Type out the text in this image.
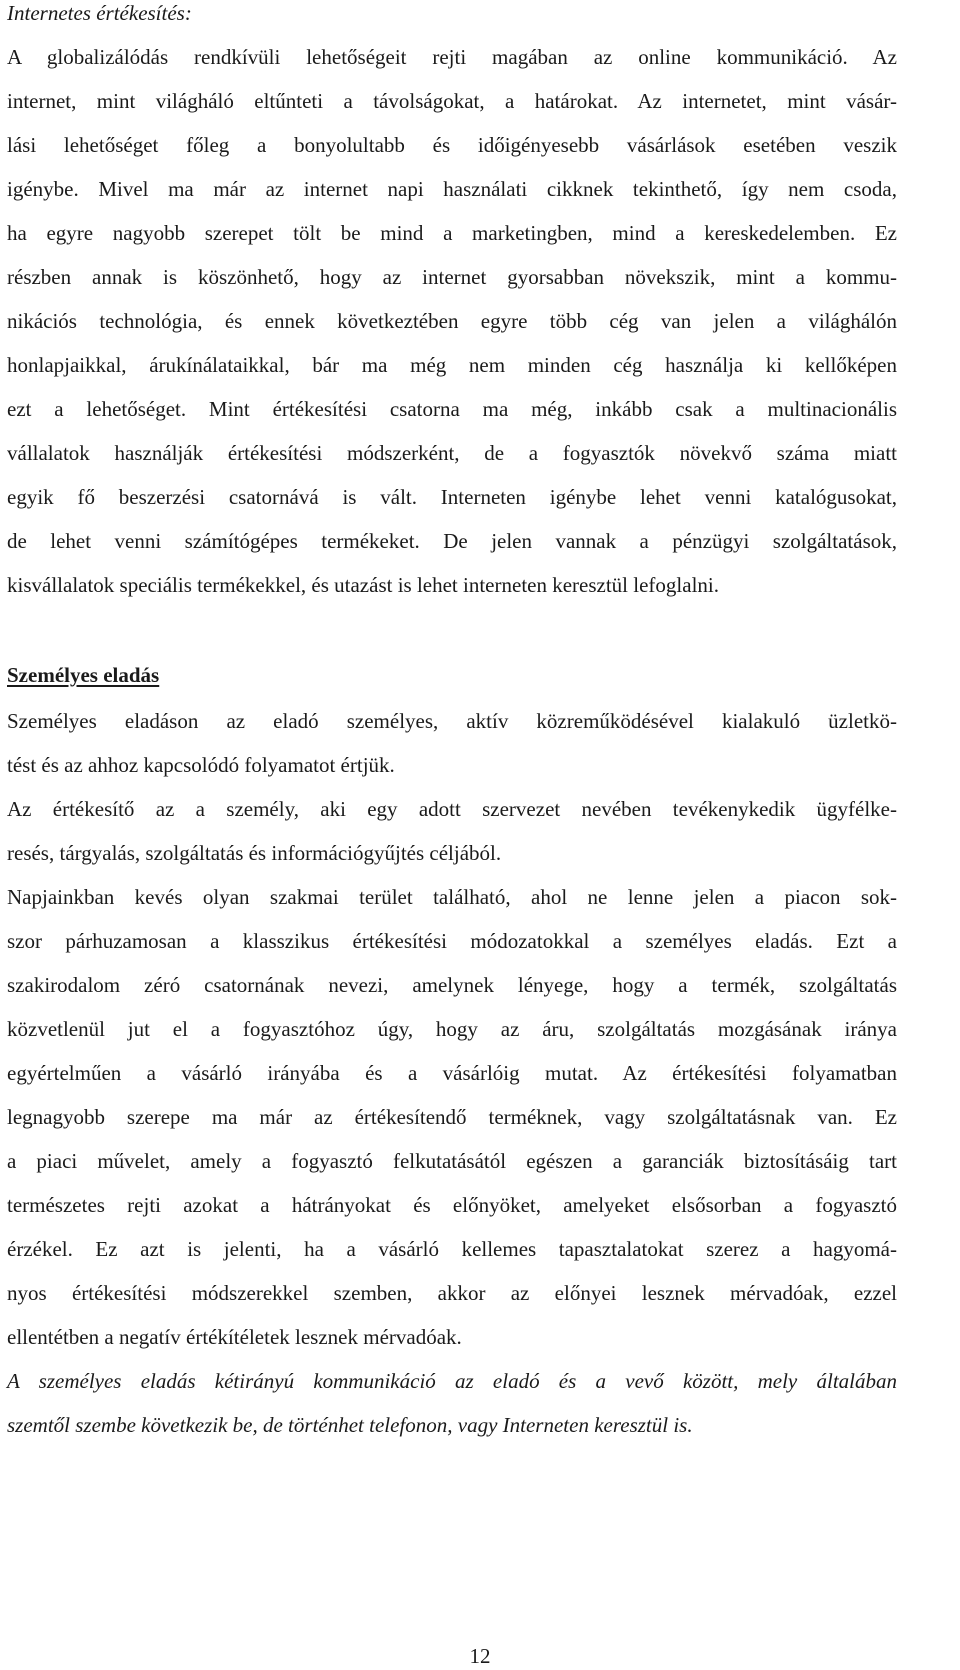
Internetes értékesítés:
A globalizálódás rendkívüli lehetőségeit rejti magában az online kommunikáció. Az
internet, mint világháló eltűnteti a távolságokat, a határokat. Az internetet, mint vásár-
lási lehetőséget főleg a bonyolultabb és időigényesebb vásárlások esetében veszik
igénybe. Mivel ma már az internet napi használati cikknek tekinthető, így nem csoda,
ha egyre nagyobb szerepet tölt be mind a marketingben, mind a kereskedelemben. Ez
részben annak is köszönhető, hogy az internet gyorsabban növekszik, mint a kommu-
nikációs technológia, és ennek következtében egyre több cég van jelen a világhálón
honlapjaikkal, árukínálataikkal, bár ma még nem minden cég használja ki kellőképen
ezt a lehetőséget. Mint értékesítési csatorna ma még, inkább csak a multinacionális
vállalatok használják értékesítési módszerként, de a fogyasztók növekvő száma miatt
egyik fő beszerzési csatornává is vált. Interneten igénybe lehet venni katalógusokat,
de lehet venni számítógépes termékeket. De jelen vannak a pénzügyi szolgáltatások,
kisvállalatok speciális termékekkel, és utazást is lehet interneten keresztül lefoglalni.
Személyes eladás
Személyes eladáson az eladó személyes, aktív közreműködésével kialakuló üzletkö-
tést és az ahhoz kapcsolódó folyamatot értjük.
Az értékesítő az a személy, aki egy adott szervezet nevében tevékenykedik ügyfélke-
resés, tárgyalás, szolgáltatás és információgyűjtés céljából.
Napjainkban kevés olyan szakmai terület található, ahol ne lenne jelen a piacon sok-
szor párhuzamosan a klasszikus értékesítési módozatokkal a személyes eladás. Ezt a
szakirodalom zéró csatornának nevezi, amelynek lényege, hogy a termék, szolgáltatás
közvetlenül jut el a fogyasztóhoz úgy, hogy az áru, szolgáltatás mozgásának iránya
egyértelműen a vásárló irányába és a vásárlóig mutat. Az értékesítési folyamatban
legnagyobb szerepe ma már az értékesítendő terméknek, vagy szolgáltatásnak van. Ez
a piaci művelet, amely a fogyasztó felkutatásától egészen a garanciák biztosításáig tart
természetes rejti azokat a hátrányokat és előnyöket, amelyeket elsősorban a fogyasztó
érzékel. Ez azt is jelenti, ha a vásárló kellemes tapasztalatokat szerez a hagyomá-
nyos értékesítési módszerekkel szemben, akkor az előnyei lesznek mérvadóak, ezzel
ellentétben a negatív értékítéletek lesznek mérvadóak.
A személyes eladás kétirányú kommunikáció az eladó és a vevő között, mely általában
szemtől szembe következik be, de történhet telefonon, vagy Interneten keresztül is.
12
